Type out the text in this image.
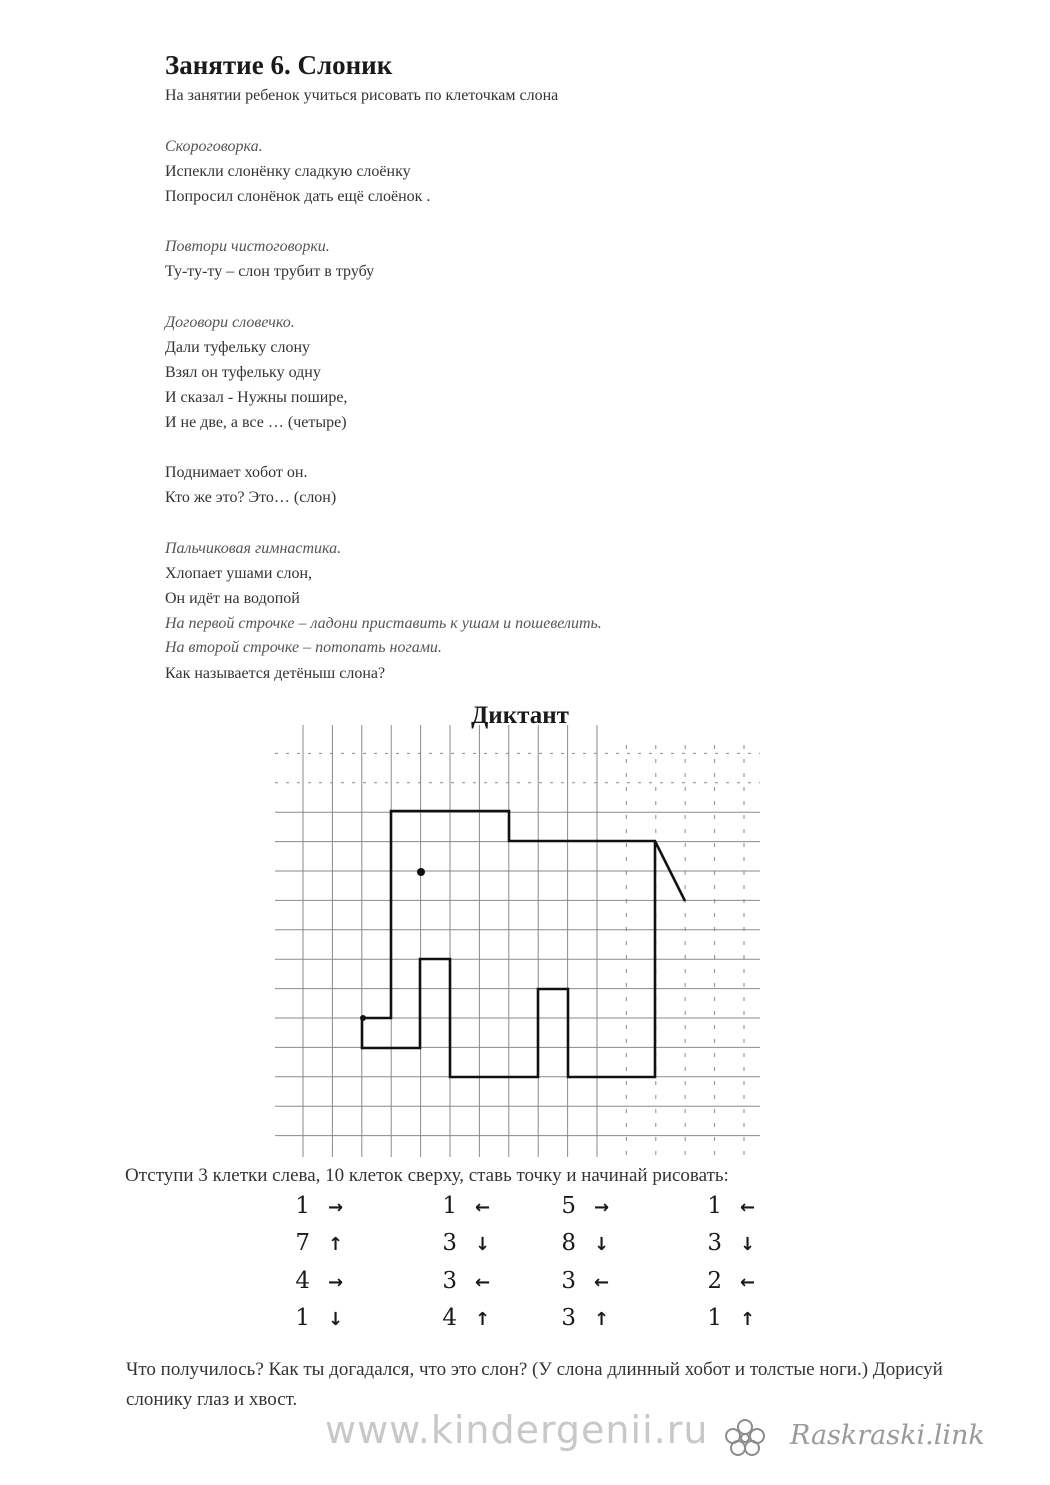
Занятие 6. Слоник
На занятии ребенок учиться рисовать по клеточкам слона
Скороговорка.
Испекли слонёнку сладкую слоёнку
Попросил слонёнок дать ещё слоёнок .
Повтори чистоговорки.
Ту-ту-ту – слон трубит в трубу
Договори словечко.
Дали туфельку слону
Взял он туфельку одну
И сказал - Нужны пошире,
И не две, а все … (четыре)
Поднимает хобот он.
Кто же это? Это… (слон)
Пальчиковая гимнастика.
Хлопает ушами слон,
Он идёт на водопой
На первой строчке – ладони приставить к ушам и пошевелить.
На второй строчке – потопать ногами.
Как называется детёныш слона?
Диктант
Отступи 3 клетки слева, 10 клеток сверху, ставь точку и начинай рисовать:
1 →
7 ↑
4 →
1 ↓
1 ←
3 ↓
3 ←
4 ↑
5 →
8 ↓
3 ←
3 ↑
1 ←
3 ↓
2 ←
1 ↑
Что получилось? Как ты догадался, что это слон? (У слона длинный хобот и толстые ноги.) Дорисуй слонику глаз и хвост.
www.kindergenii.ru	Raskraski.link
